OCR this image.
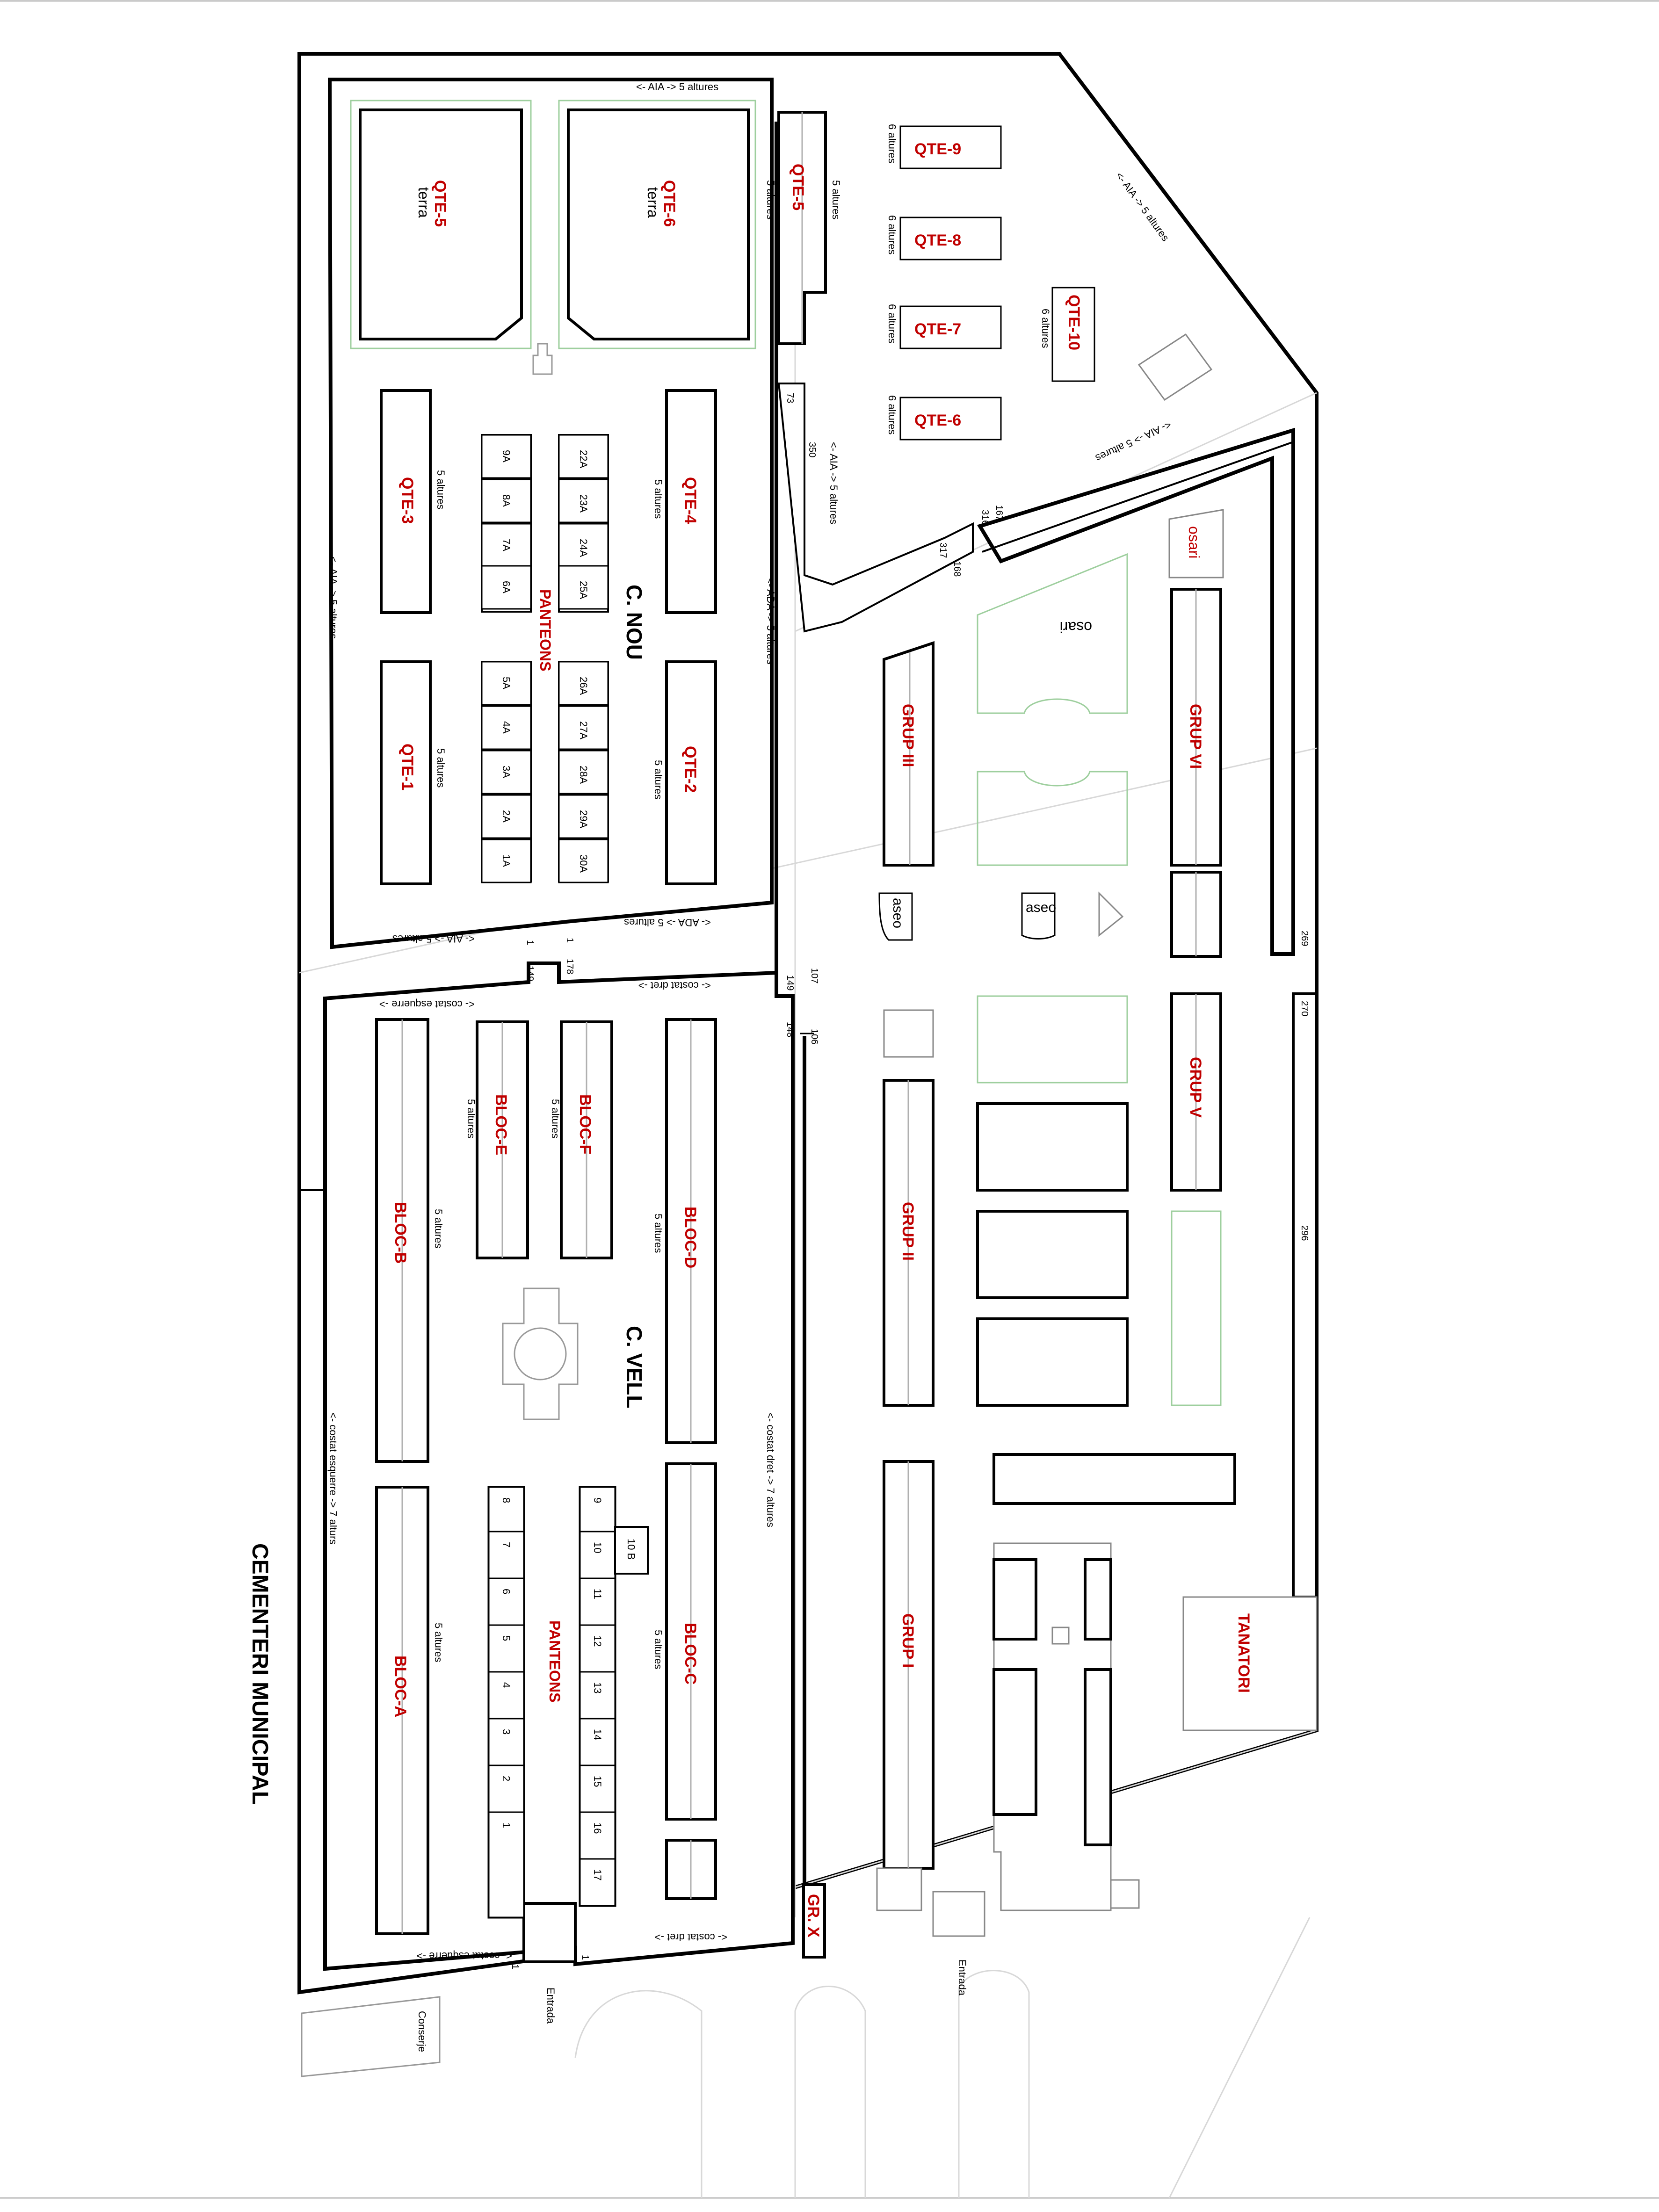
QTE-5
terra	QTE-6
terra	QTE-5
5 altures	5 altures
<- AIA -> 5 altures
QTE-9
6 altures
QTE-8
6 altures
QTE-7
6 altures
QTE-6
6 altures
QTE-10
6 altures
<- AIA -> 5 altures
<- AIA -> 5 altures
QTE-3 5 altures	QTE-4
5 altures
QTE-1 5 altures	QTE-2
5 altures
9A
8A
7A
6A
5A
4A
3A
2A
1A
22A
23A
24A
25A
26A
27A
28A
29A
30A
PANTEONS	C. NOU
<- AIA -> 5 altures	<- ADA -> 5 altures
<- AIA -> 5 altures
<- AIA -> 5 altures
<- ADA -> 5 altures
73
350
317
168
316 167
269
osari
osari
GRUP III	GRUP VI
aseo	aseo
BLOC-B 5 altures
BLOC-A
5 altures
BLOC-E
5 altures	BLOC-F
5 altures
BLOC-D
5 altures
BLOC-C
5 altures
C. VELL
8
7
6
5
4
3
2
1
9
10
11
12
13
14
15
16
17
10 B
PANTEONS
<- costat esquerre ->
<- costat dret ->
<- costat esquerre -> 7 alturs	<- costat dret -> 7 altures
<- costat esquerre ->
<- costat dret ->
1
149
1
178
149 107
148 106
1
1
GR. X
GRUP II
GRUP I
GRUP V
270
296
TANATORI
Entrada
Entrada
Conserje
CEMENTERI MUNICIPAL
